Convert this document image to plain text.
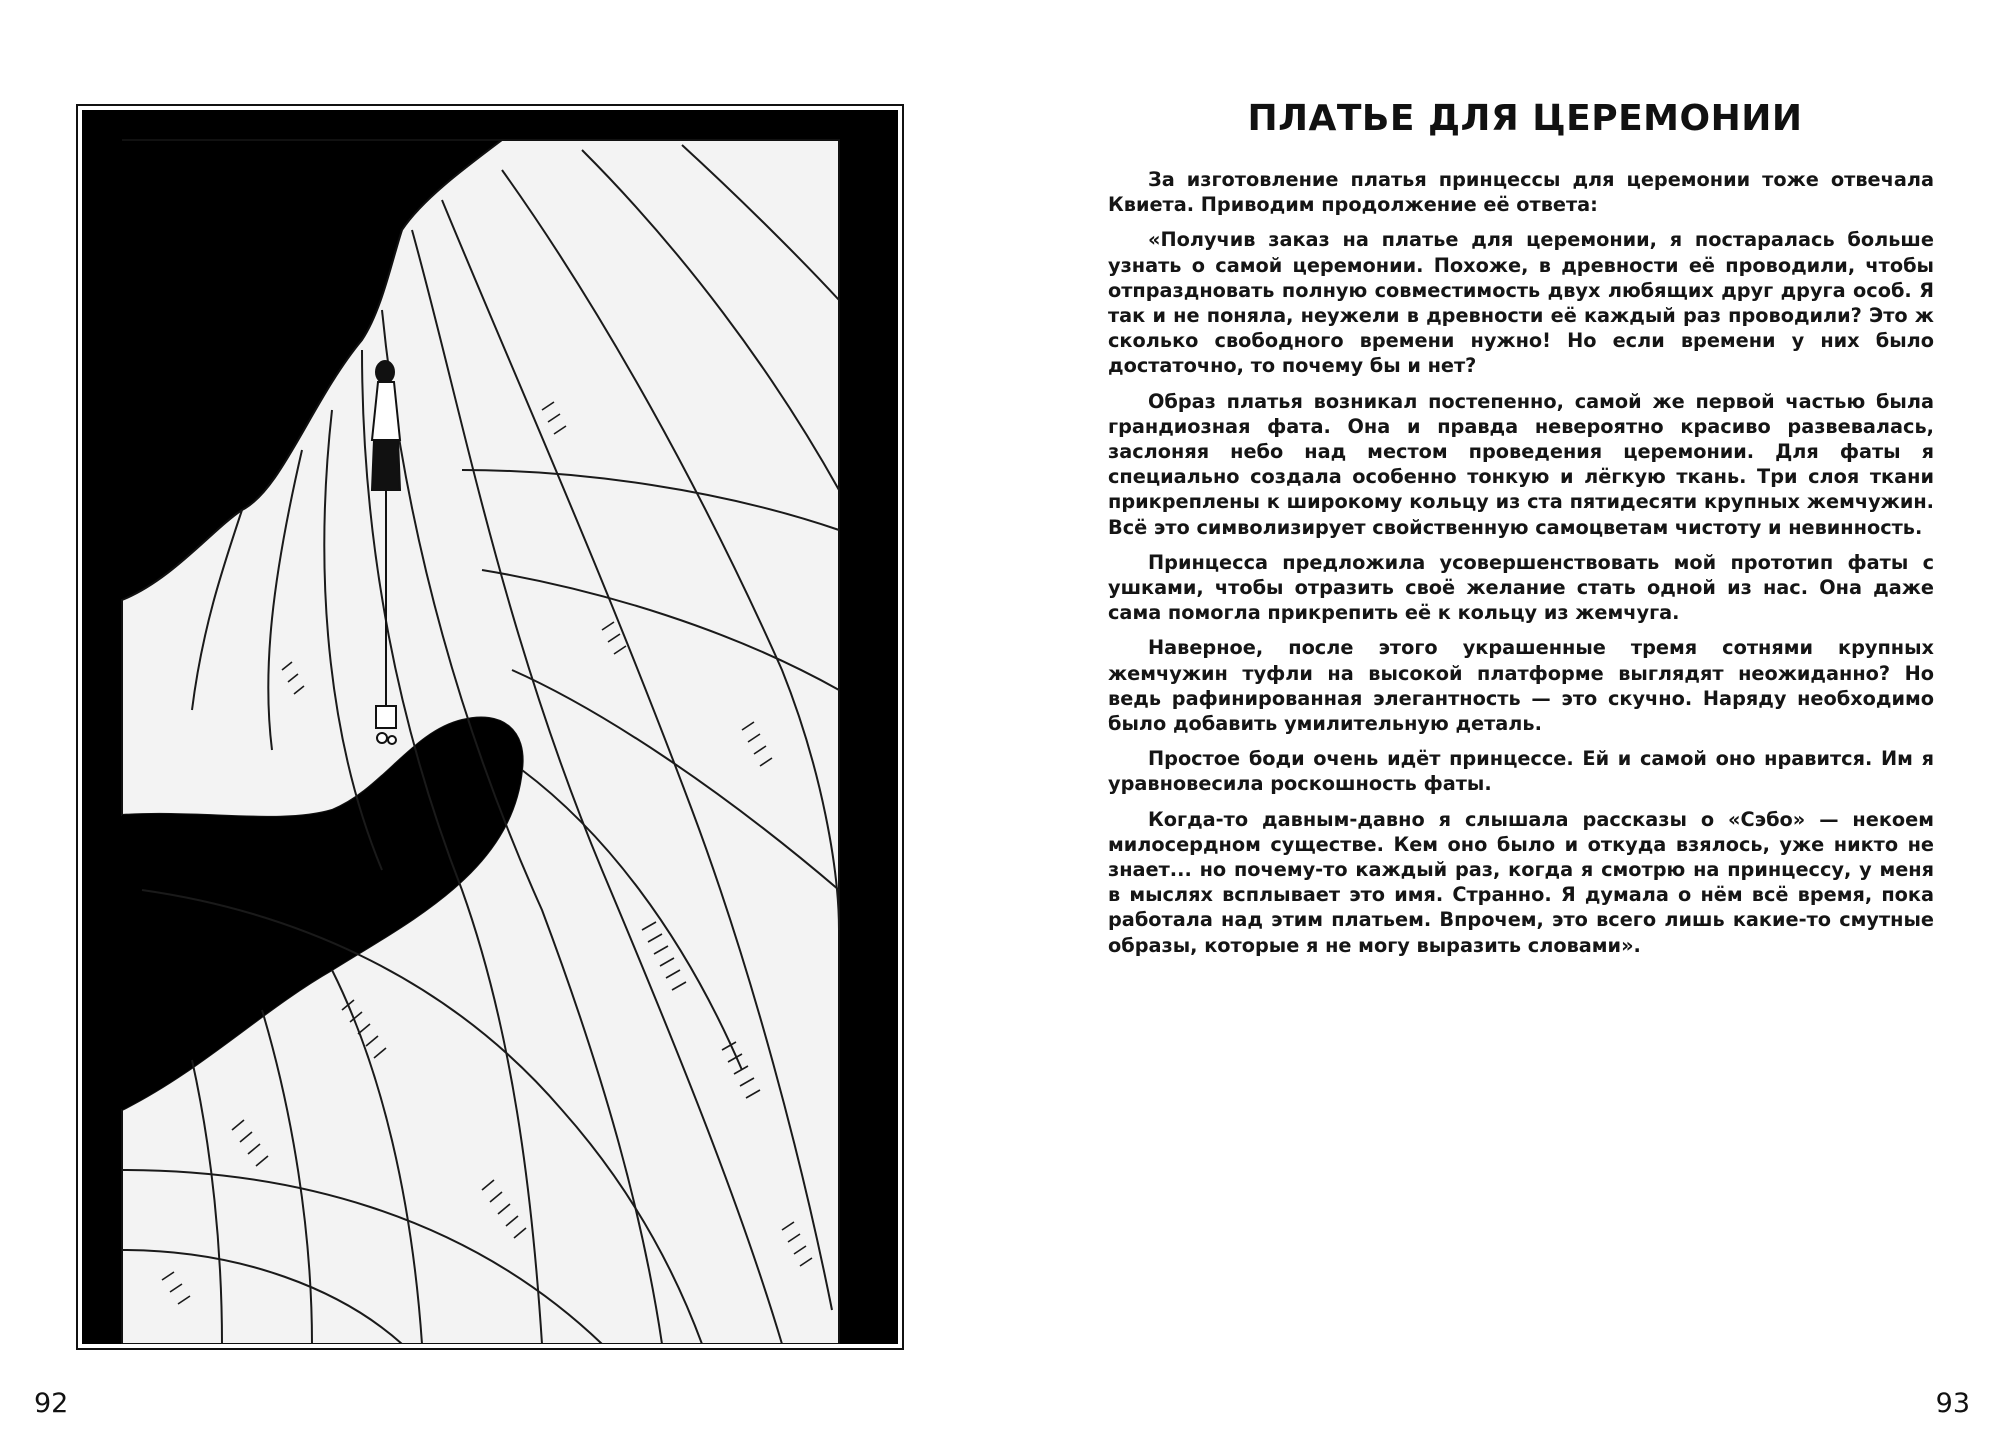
92
ПЛАТЬЕ ДЛЯ ЦЕРЕМОНИИ

За изготовление платья принцессы для церемонии тоже отвечала Квиета. Приводим продолжение её ответа:

«Получив заказ на платье для церемонии, я постаралась больше узнать о самой церемонии. Похоже, в древности её проводили, чтобы отпраздновать полную совместимость двух любящих друг друга особ. Я так и не поняла, неужели в древности её каждый раз проводили? Это ж сколько свободного времени нужно! Но если времени у них было достаточно, то почему бы и нет?

Образ платья возникал постепенно, самой же первой частью была грандиозная фата. Она и правда невероятно красиво развевалась, заслоняя небо над местом проведения церемонии. Для фаты я специально создала особенно тонкую и лёгкую ткань. Три слоя ткани прикреплены к широкому кольцу из ста пятидесяти крупных жемчужин. Всё это символизирует свойственную самоцветам чистоту и невинность.

Принцесса предложила усовершенствовать мой прототип фаты с ушками, чтобы отразить своё желание стать одной из нас. Она даже сама помогла прикрепить её к кольцу из жемчуга.

Наверное, после этого украшенные тремя сотнями крупных жемчужин туфли на высокой платформе выглядят неожиданно? Но ведь рафинированная элегантность — это скучно. Наряду необходимо было добавить умилительную деталь.

Простое боди очень идёт принцессе. Ей и самой оно нравится. Им я уравновесила роскошность фаты.

Когда-то давным-давно я слышала рассказы о «Сэбо» — некоем милосердном существе. Кем оно было и откуда взялось, уже никто не знает... но почему-то каждый раз, когда я смотрю на принцессу, у меня в мыслях всплывает это имя. Странно. Я думала о нём всё время, пока работала над этим платьем. Впрочем, это всего лишь какие-то смутные образы, которые я не могу выразить словами».

93
